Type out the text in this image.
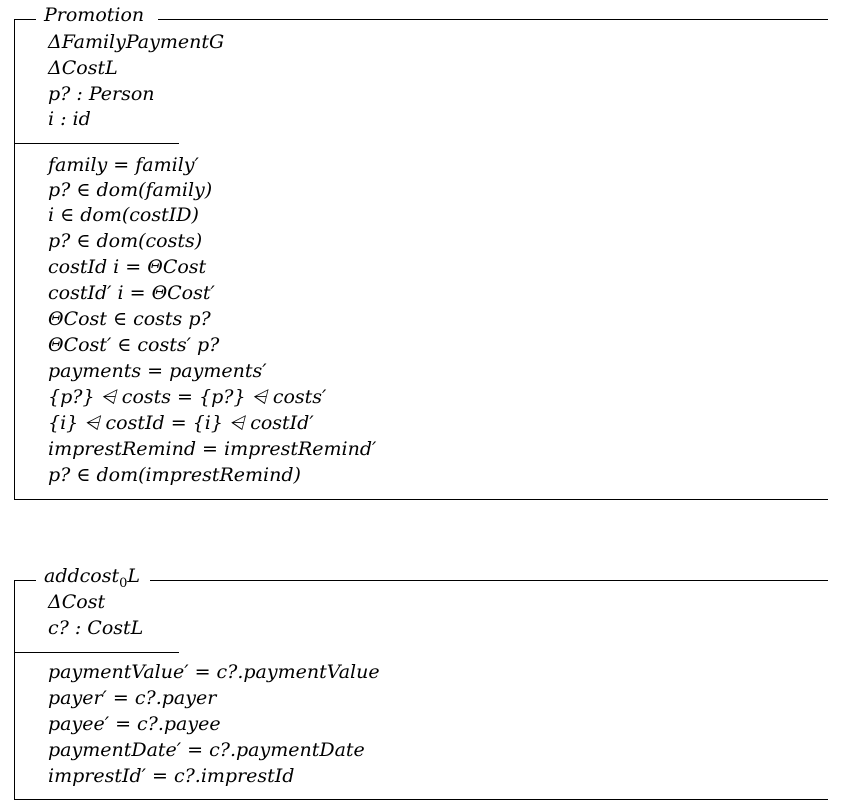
Promotion
ΔFamilyPaymentG
ΔCostL
p? : Person
i : id
family = family′
p? ∈ dom(family)
i ∈ dom(costID)
p? ∈ dom(costs)
costId i = ΘCost
costId′ i = ΘCost′
ΘCost ∈ costs p?
ΘCost′ ∈ costs′ p?
payments = payments′
{p?} ⩤ costs = {p?} ⩤ costs′
{i} ⩤ costId = {i} ⩤ costId′
imprestRemind = imprestRemind′
p? ∈ dom(imprestRemind)
addcost$_0$L
ΔCost
c? : CostL
paymentValue′ = c?.paymentValue
payer′ = c?.payer
payee′ = c?.payee
paymentDate′ = c?.paymentDate
imprestId′ = c?.imprestId
